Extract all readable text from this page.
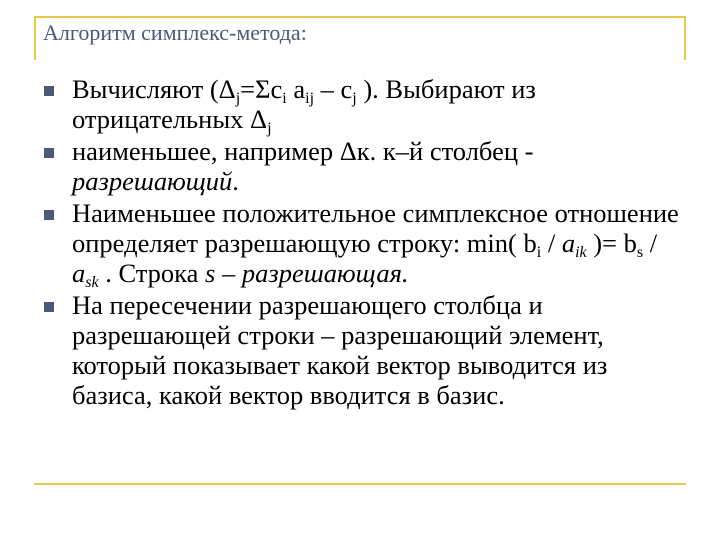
Алгоритм симплекс-метода:
Вычисляют ($\Delta_j=\Sigma c_i$ $a_{ij} - c_j$ ). Выбирают из отрицательных $\Delta_j$
наименьшее, например Δк. к–й столбец - разрешающий.
Наименьшее положительное симплексное отношение определяет разрешающую строку: min( $b_i / a_{ik}$ )= $b_s / a_{sk}$ . Строка s – разрешающая.
На пересечении разрешающего столбца и разрешающей строки – разрешающий элемент, который показывает какой вектор выводится из базиса, какой вектор вводится в базис.
